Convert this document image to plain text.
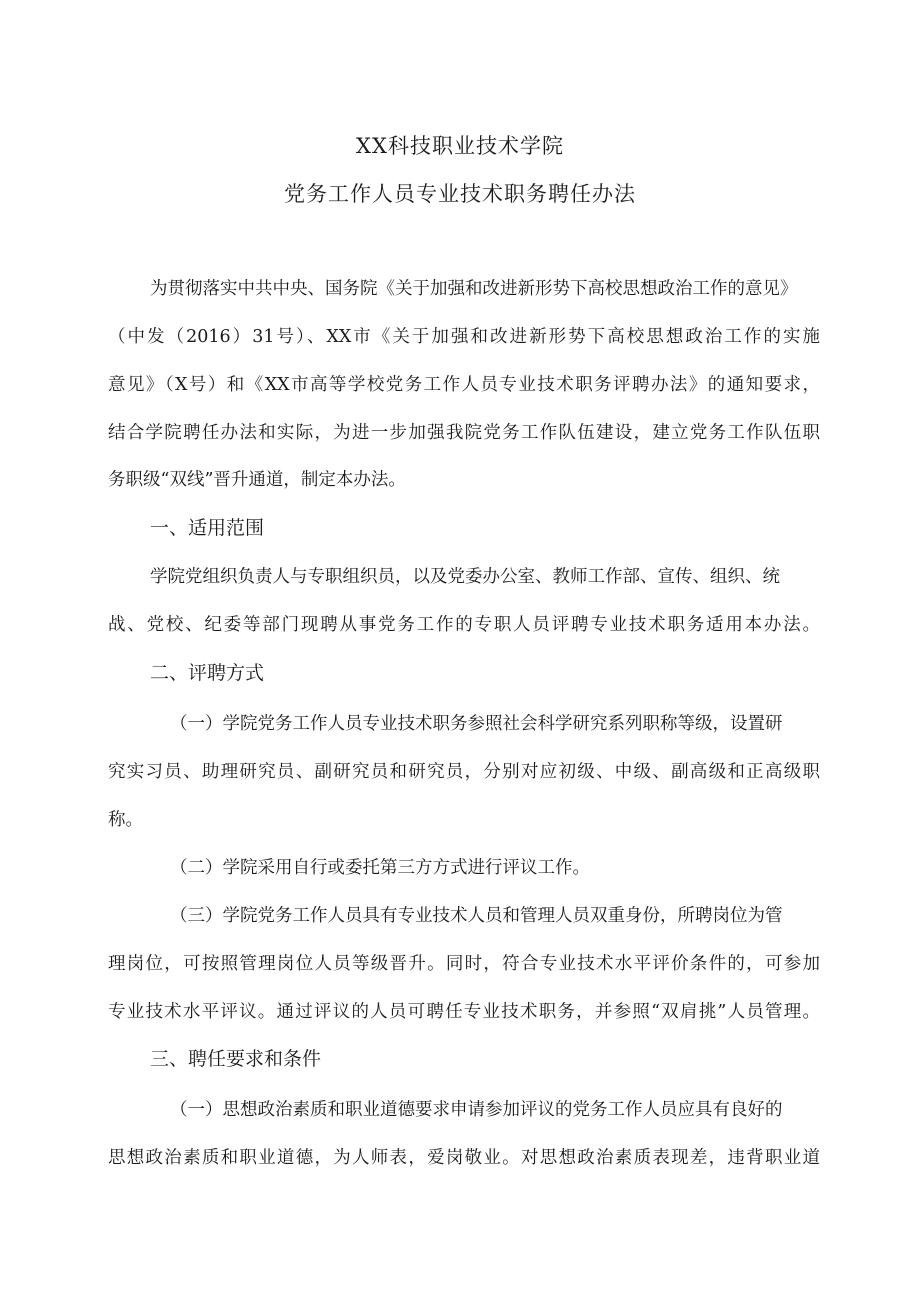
XX科技职业技术学院
党务工作人员专业技术职务聘任办法
为贯彻落实中共中央、国务院《关于加强和改进新形势下高校思想政治工作的意见》
（中发（2016）31号）、XX市《关于加强和改进新形势下高校思想政治工作的实施
意见》（X号）和《XX市高等学校党务工作人员专业技术职务评聘办法》的通知要求，
结合学院聘任办法和实际，为进一步加强我院党务工作队伍建设，建立党务工作队伍职
务职级“双线”晋升通道，制定本办法。
一、适用范围
学院党组织负责人与专职组织员，以及党委办公室、教师工作部、宣传、组织、统
战、党校、纪委等部门现聘从事党务工作的专职人员评聘专业技术职务适用本办法。
二、评聘方式
（一）学院党务工作人员专业技术职务参照社会科学研究系列职称等级，设置研
究实习员、助理研究员、副研究员和研究员，分别对应初级、中级、副高级和正高级职
称。
（二）学院采用自行或委托第三方方式进行评议工作。
（三）学院党务工作人员具有专业技术人员和管理人员双重身份，所聘岗位为管
理岗位，可按照管理岗位人员等级晋升。同时，符合专业技术水平评价条件的，可参加
专业技术水平评议。通过评议的人员可聘任专业技术职务，并参照“双肩挑”人员管理。
三、聘任要求和条件
（一）思想政治素质和职业道德要求申请参加评议的党务工作人员应具有良好的
思想政治素质和职业道德，为人师表，爱岗敬业。对思想政治素质表现差，违背职业道
